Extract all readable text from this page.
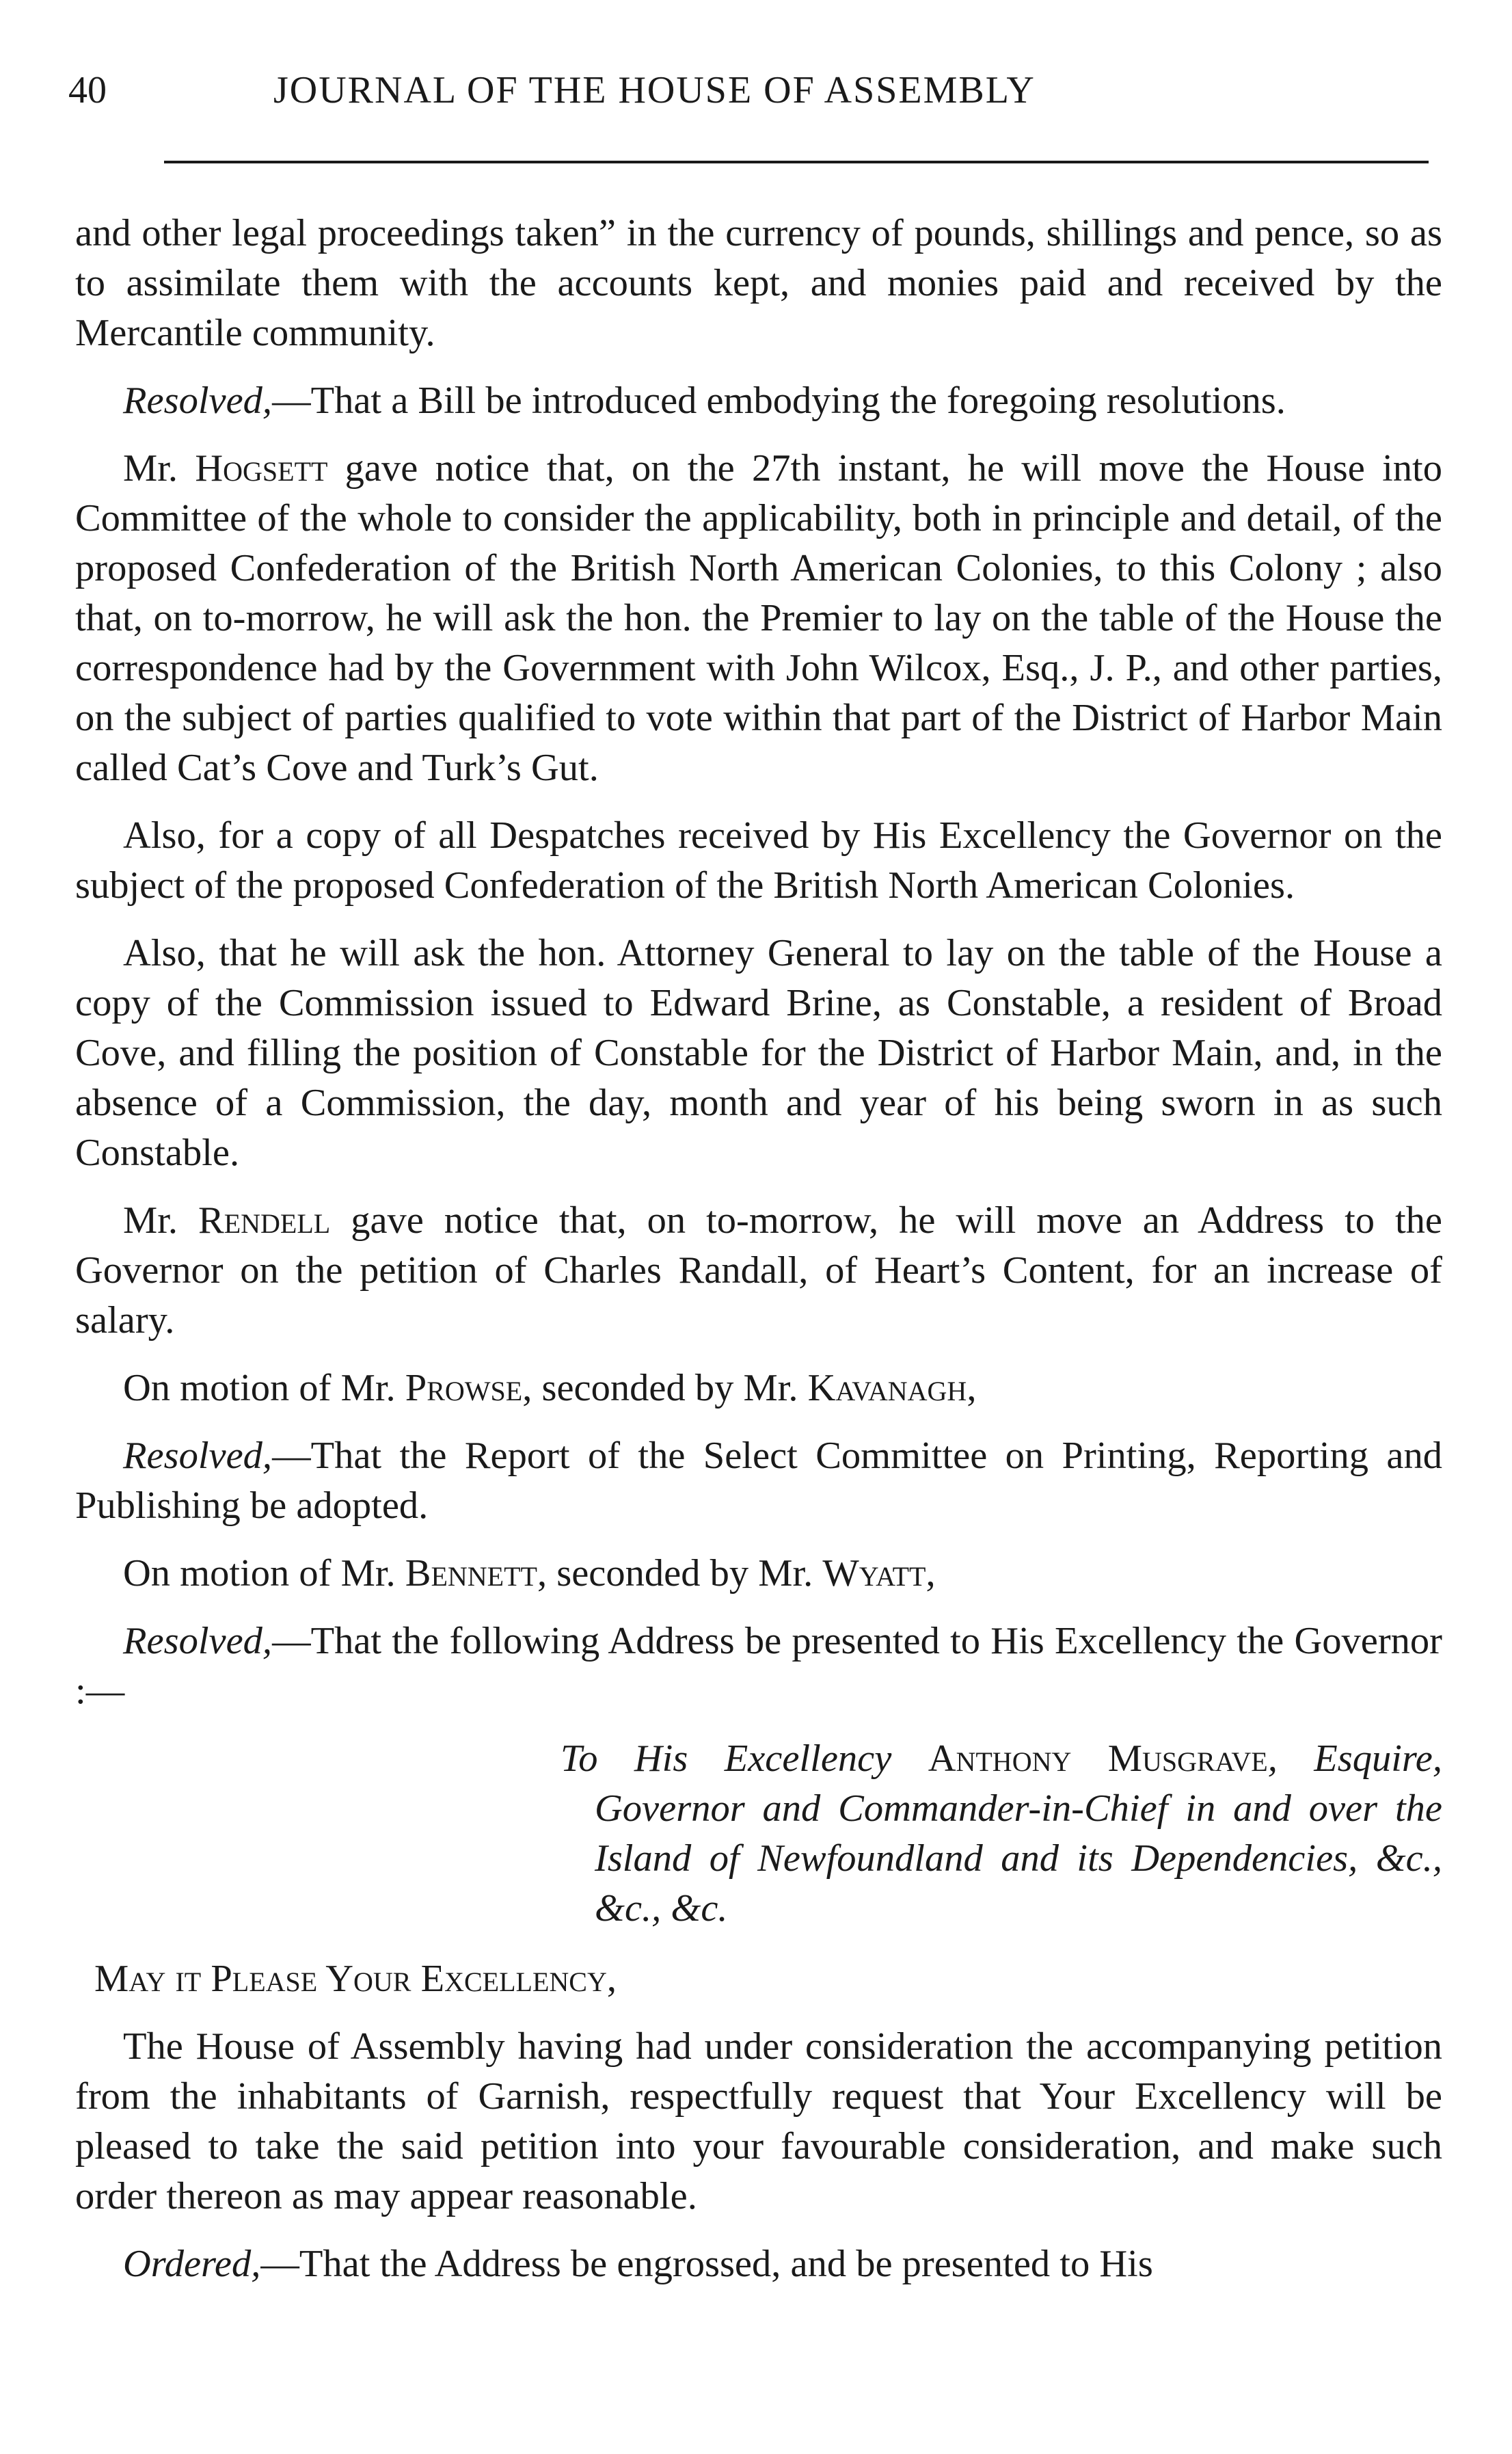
40	JOURNAL OF THE HOUSE OF ASSEMBLY

and other legal proceedings taken” in the currency of pounds, shillings and pence, so as to assimilate them with the accounts kept, and monies paid and received by the Mercantile community.

Resolved,—That a Bill be introduced embodying the foregoing resolutions.

Mr. Hogsett gave notice that, on the 27th instant, he will move the House into Committee of the whole to consider the applicability, both in principle and detail, of the proposed Confederation of the British North American Colonies, to this Colony ; also that, on to-morrow, he will ask the hon. the Premier to lay on the table of the House the correspondence had by the Government with John Wilcox, Esq., J. P., and other parties, on the subject of parties qualified to vote within that part of the District of Harbor Main called Cat’s Cove and Turk’s Gut.

Also, for a copy of all Despatches received by His Excellency the Governor on the subject of the proposed Confederation of the British North American Colonies.

Also, that he will ask the hon. Attorney General to lay on the table of the House a copy of the Commission issued to Edward Brine, as Constable, a resident of Broad Cove, and filling the position of Constable for the District of Harbor Main, and, in the absence of a Commission, the day, month and year of his being sworn in as such Constable.

Mr. Rendell gave notice that, on to-morrow, he will move an Address to the Governor on the petition of Charles Randall, of Heart’s Content, for an increase of salary.

On motion of Mr. Prowse, seconded by Mr. Kavanagh,

Resolved,—That the Report of the Select Committee on Printing, Reporting and Publishing be adopted.

On motion of Mr. Bennett, seconded by Mr. Wyatt,

Resolved,—That the following Address be presented to His Excellency the Governor :—

To His Excellency Anthony Musgrave, Esquire, Governor and Commander-in-Chief in and over the Island of Newfoundland and its Dependencies, &c., &c., &c.

May it Please Your Excellency,

The House of Assembly having had under consideration the accompanying petition from the inhabitants of Garnish, respectfully request that Your Excellency will be pleased to take the said petition into your favourable consideration, and make such order thereon as may appear reasonable.

Ordered,—That the Address be engrossed, and be presented to His
